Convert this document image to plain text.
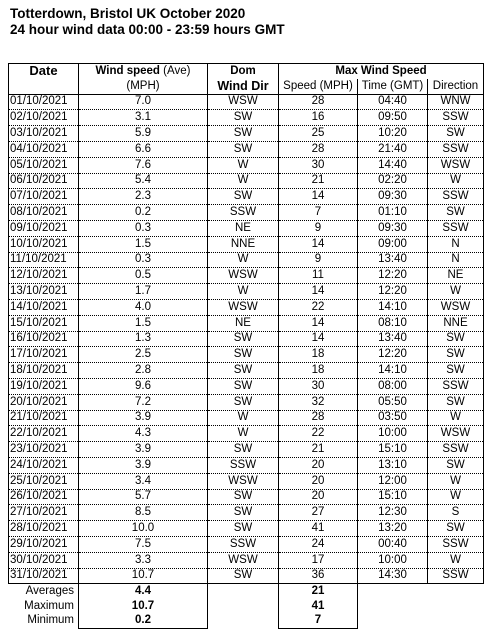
Totterdown, Bristol UK October 2020
24 hour wind data 00:00 - 23:59 hours GMT
Date	Wind speed (Ave)	Dom	Max Wind Speed		
	(MPH)	Wind Dir	Speed (MPH)	Time (GMT)	Direction
01/10/2021	7.0	WSW	28	04:40	WNW
02/10/2021	3.1	SW	16	09:50	SSW
03/10/2021	5.9	SW	25	10:20	SW
04/10/2021	6.6	SW	28	21:40	SSW
05/10/2021	7.6	W	30	14:40	WSW
06/10/2021	5.4	W	21	02:20	W
07/10/2021	2.3	SW	14	09:30	SSW
08/10/2021	0.2	SSW	7	01:10	SW
09/10/2021	0.3	NE	9	09:30	SSW
10/10/2021	1.5	NNE	14	09:00	N
11/10/2021	0.3	W	9	13:40	N
12/10/2021	0.5	WSW	11	12:20	NE
13/10/2021	1.7	W	14	12:20	W
14/10/2021	4.0	WSW	22	14:10	WSW
15/10/2021	1.5	NE	14	08:10	NNE
16/10/2021	1.3	SW	14	13:40	SW
17/10/2021	2.5	SW	18	12:20	SW
18/10/2021	2.8	SW	18	14:10	SW
19/10/2021	9.6	SW	30	08:00	SSW
20/10/2021	7.2	SW	32	05:50	SW
21/10/2021	3.9	W	28	03:50	W
22/10/2021	4.3	W	22	10:00	WSW
23/10/2021	3.9	SW	21	15:10	SSW
24/10/2021	3.9	SSW	20	13:10	SW
25/10/2021	3.4	WSW	20	12:00	W
26/10/2021	5.7	SW	20	15:10	W
27/10/2021	8.5	SW	27	12:30	S
28/10/2021	10.0	SW	41	13:20	SW
29/10/2021	7.5	SSW	24	00:40	SSW
30/10/2021	3.3	WSW	17	10:00	W
31/10/2021	10.7	SW	36	14:30	SSW
Averages	4.4		21		
Maximum	10.7		41		
Minimum	0.2		7		
